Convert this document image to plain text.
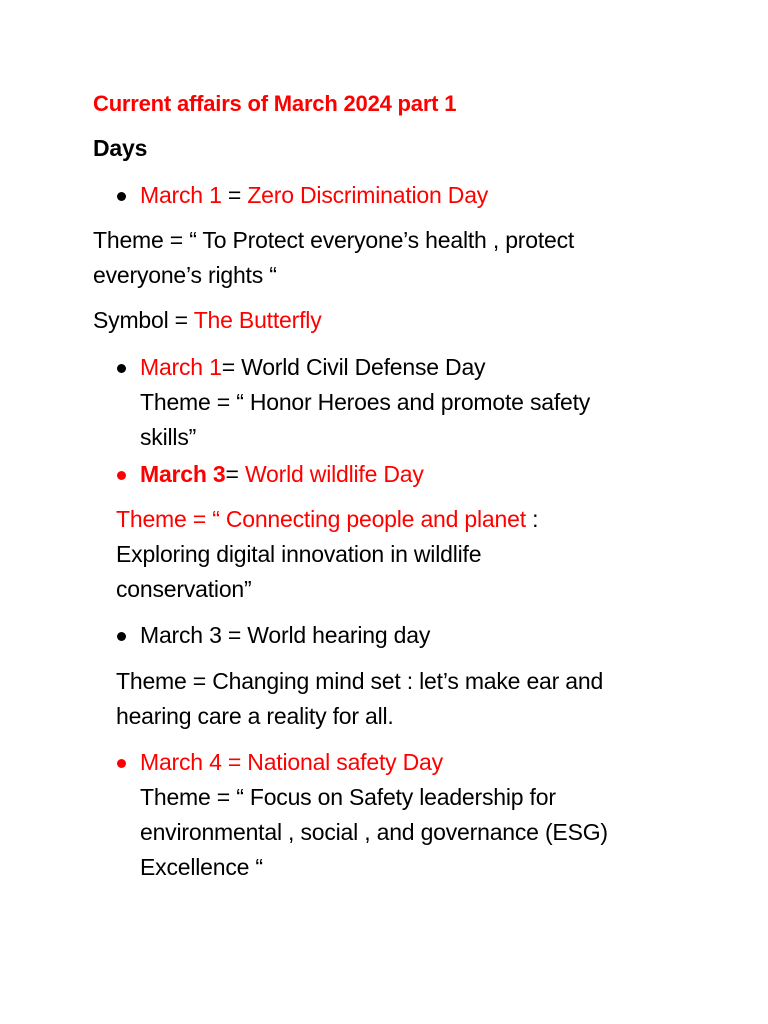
Current affairs of March 2024 part 1
Days
March 1 = Zero Discrimination Day
Theme = “ To Protect everyone’s health , protect
everyone’s rights “
Symbol = The Butterfly
March 1= World Civil Defense Day
Theme = “ Honor Heroes and promote safety
skills”
March 3= World wildlife Day
Theme = “ Connecting people and planet :
Exploring digital innovation in wildlife
conservation”
March 3 = World hearing day
Theme = Changing mind set : let’s make ear and
hearing care a reality for all.
March 4 = National safety Day
Theme = “ Focus on Safety leadership for
environmental , social , and governance (ESG)
Excellence “
